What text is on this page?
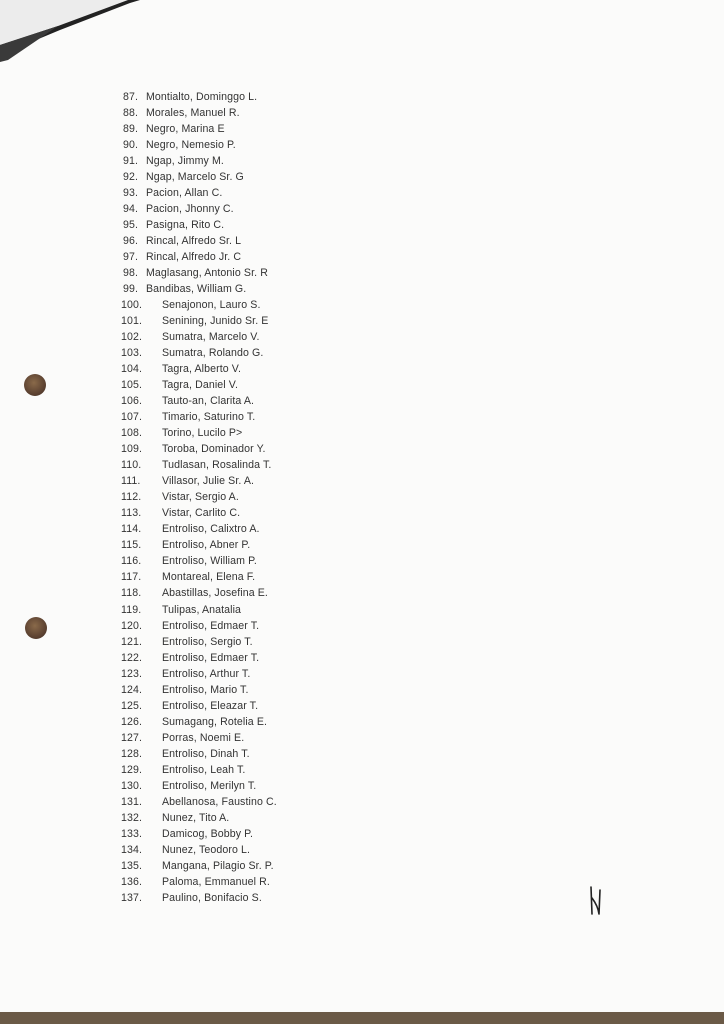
87. Montialto, Dominggo L.
88. Morales, Manuel R.
89. Negro, Marina E
90. Negro, Nemesio P.
91. Ngap, Jimmy M.
92. Ngap, Marcelo Sr. G
93. Pacion, Allan C.
94. Pacion, Jhonny C.
95. Pasigna, Rito C.
96. Rincal, Alfredo Sr. L
97. Rincal, Alfredo Jr. C
98. Maglasang, Antonio Sr. R
99. Bandibas, William G.
100. Senajonon, Lauro S.
101. Senining, Junido Sr. E
102. Sumatra, Marcelo V.
103. Sumatra, Rolando G.
104. Tagra, Alberto V.
105. Tagra, Daniel V.
106. Tauto-an, Clarita A.
107. Timario, Saturino T.
108. Torino, Lucilo P>
109. Toroba, Dominador Y.
110. Tudlasan, Rosalinda T.
111. Villasor, Julie Sr. A.
112. Vistar, Sergio A.
113. Vistar, Carlito C.
114. Entroliso, Calixtro A.
115. Entroliso, Abner P.
116. Entroliso, William P.
117. Montareal, Elena F.
118. Abastillas, Josefina E.
119. Tulipas, Anatalia
120. Entroliso, Edmaer T.
121. Entroliso, Sergio T.
122. Entroliso, Edmaer T.
123. Entroliso, Arthur T.
124. Entroliso, Mario T.
125. Entroliso, Eleazar T.
126. Sumagang, Rotelia E.
127. Porras, Noemi E.
128. Entroliso, Dinah T.
129. Entroliso, Leah T.
130. Entroliso, Merilyn T.
131. Abellanosa, Faustino C.
132. Nunez, Tito A.
133. Damicog, Bobby P.
134. Nunez, Teodoro L.
135. Mangana, Pilagio Sr. P.
136. Paloma, Emmanuel R.
137. Paulino, Bonifacio S.
